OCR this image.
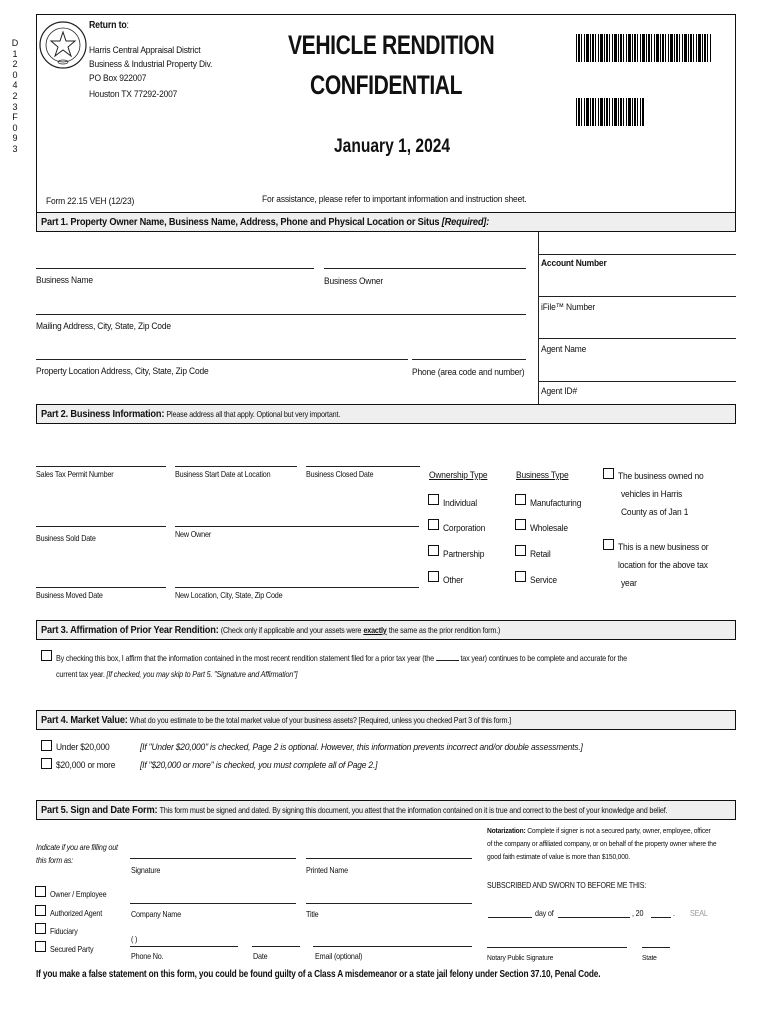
D
1
2
0
4
2
3
F
0
9
3
Return to:
Harris Central Appraisal District
Business & Industrial Property Div.
PO Box 922007
Houston TX 77292-2007
VEHICLE RENDITION
CONFIDENTIAL
January 1, 2024
Form 22.15 VEH (12/23)	For assistance, please refer to important information and instruction sheet.
Part 1. Property Owner Name, Business Name, Address, Phone and Physical Location or Situs [Required]:
Account Number
iFile™ Number
Agent Name
Agent ID#
Business Name	Business Owner
Mailing Address, City, State, Zip Code
Property Location Address, City, State, Zip Code	Phone (area code and number)
Part 2. Business Information: Please address all that apply. Optional but very important.
Sales Tax Permit Number	Business Start Date at Location	Business Closed Date
Business Sold Date	New Owner
Business Moved Date	New Location, City, State, Zip Code
Ownership Type
Individual
Corporation
Partnership
Other
Business Type
Manufacturing
Wholesale
Retail
Service
The business owned no
vehicles in Harris
County as of Jan 1
This is a new business or
location for the above tax
year
Part 3. Affirmation of Prior Year Rendition: (Check only if applicable and your assets were exactly the same as the prior rendition form.)
By checking this box, I affirm that the information contained in the most recent rendition statement filed for a prior tax year (the	tax year) continues to be complete and accurate for the
current tax year. [If checked, you may skip to Part 5. "Signature and Affirmation"]
Part 4. Market Value: What do you estimate to be the total market value of your business assets? [Required, unless you checked Part 3 of this form.]
Under $20,000
$20,000 or more
[If "Under $20,000" is checked, Page 2 is optional. However, this information prevents incorrect and/or double assessments.]
[If "$20,000 or more" is checked, you must complete all of Page 2.]
Part 5. Sign and Date Form: This form must be signed and dated. By signing this document, you attest that the information contained on it is true and correct to the best of your knowledge and belief.
Indicate if you are filling out
this form as:
Owner / Employee
Authorized Agent
Fiduciary
Secured Party
Signature	Printed Name
Company Name	Title
( )
Phone No.	Date	Email (optional)
Notarization: Complete if signer is not a secured party, owner, employee, officer
of the company or affiliated company, or on behalf of the property owner where the
good faith estimate of value is more than $150,000.
SUBSCRIBED AND SWORN TO BEFORE ME THIS:
day of	, 20	. SEAL
Notary Public Signature	State
If you make a false statement on this form, you could be found guilty of a Class A misdemeanor or a state jail felony under Section 37.10, Penal Code.
